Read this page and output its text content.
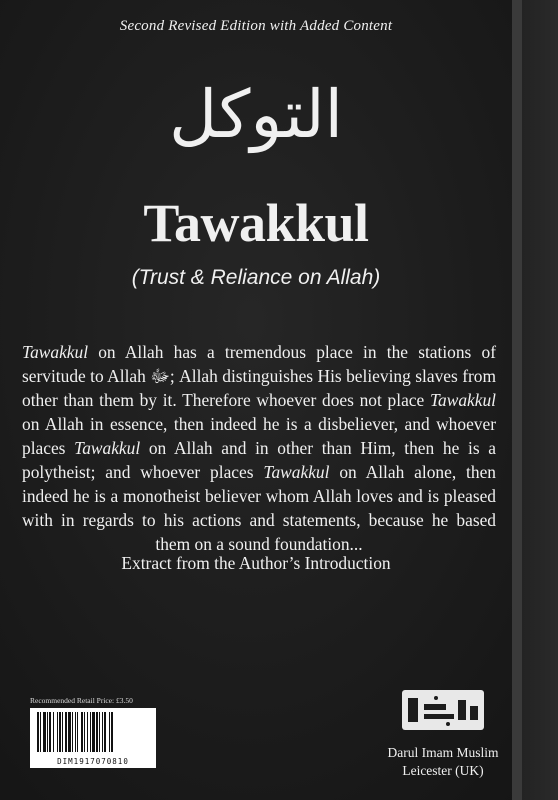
Second Revised Edition with Added Content
التوكل
Tawakkul
(Trust & Reliance on Allah)
Tawakkul on Allah has a tremendous place in the stations of servitude to Allah ﷻ; Allah distinguishes His believing slaves from other than them by it. Therefore whoever does not place Tawakkul on Allah in essence, then indeed he is a disbeliever, and whoever places Tawakkul on Allah and in other than Him, then he is a polytheist; and whoever places Tawakkul on Allah alone, then indeed he is a monotheist believer whom Allah loves and is pleased with in regards to his actions and statements, because he based them on a sound foundation...
Extract from the Author’s Introduction
Recommended Retail Price: £3.50
DIM1917070810
Darul Imam Muslim
Leicester (UK)
